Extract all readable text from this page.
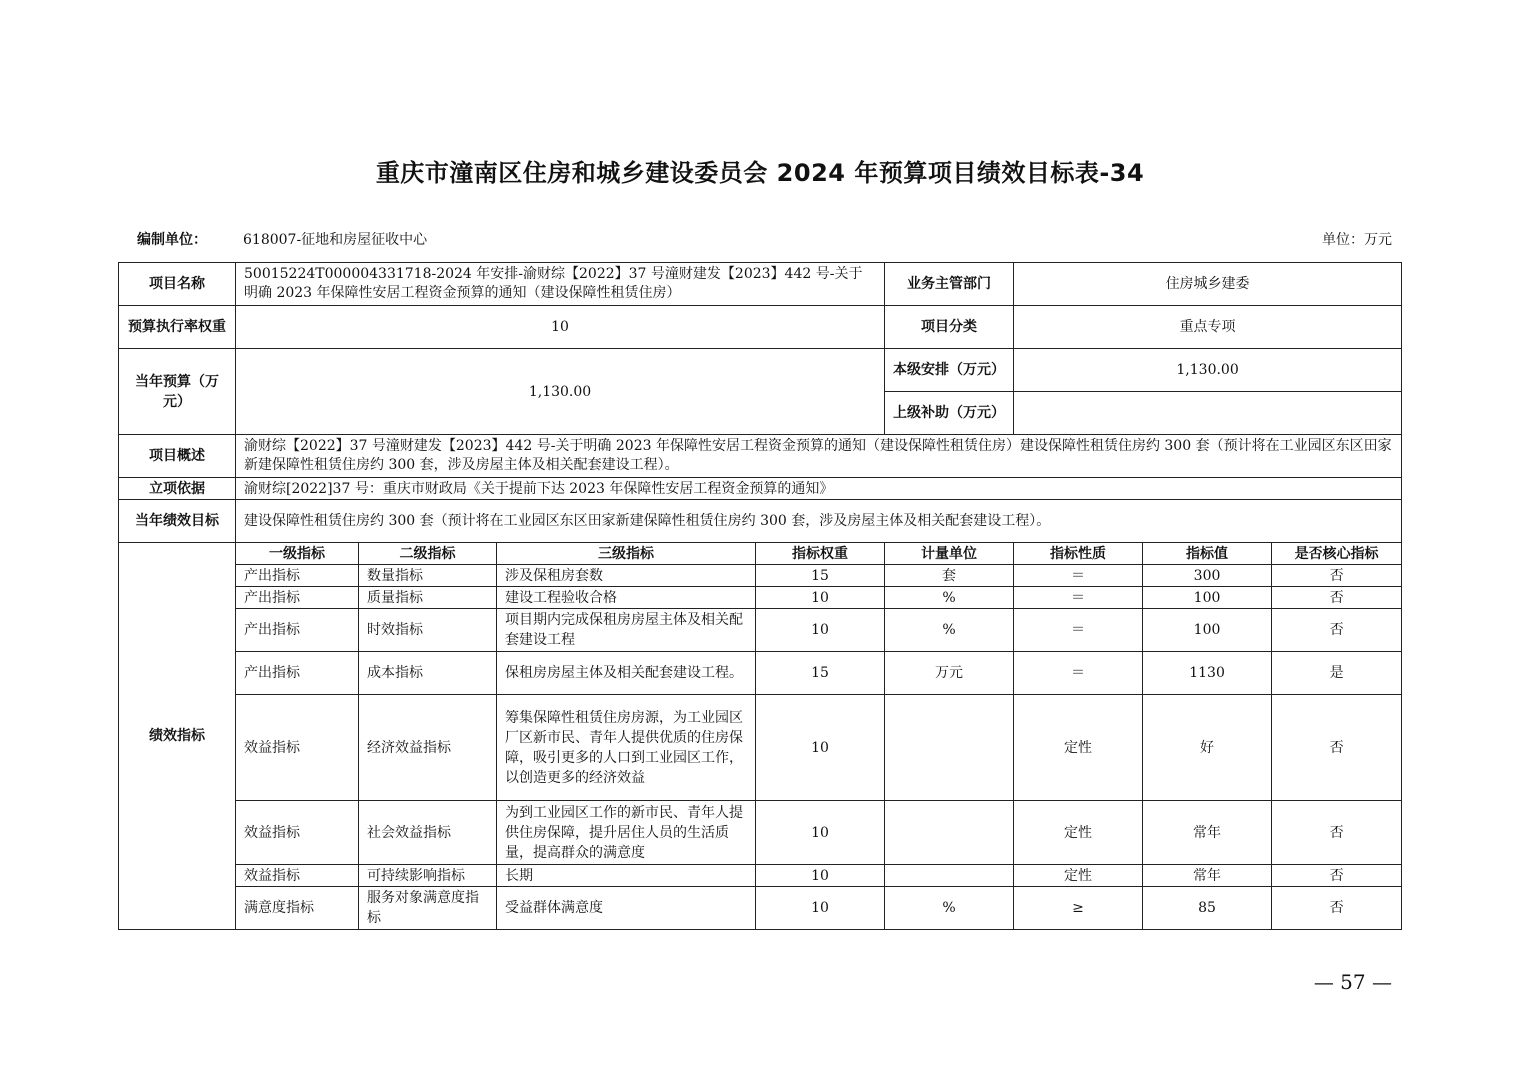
重庆市潼南区住房和城乡建设委员会 2024 年预算项目绩效目标表-34
编制单位：	618007-征地和房屋征收中心	单位：万元
项目名称	50015224T000004331718-2024 年安排-渝财综【2022】37 号潼财建发【2023】442 号-关于明确 2023 年保障性安居工程资金预算的通知（建设保障性租赁住房）				业务主管部门	住房城乡建委		
预算执行率权重	10				项目分类	重点专项		
当年预算（万元）	1,130.00				本级安排（万元）	1,130.00		
					上级补助（万元）			
项目概述	渝财综【2022】37 号潼财建发【2023】442 号-关于明确 2023 年保障性安居工程资金预算的通知（建设保障性租赁住房）建设保障性租赁住房约 300 套（预计将在工业园区东区田家新建保障性租赁住房约 300 套，涉及房屋主体及相关配套建设工程）。							
立项依据	渝财综[2022]37 号：重庆市财政局《关于提前下达 2023 年保障性安居工程资金预算的通知》							
当年绩效目标	建设保障性租赁住房约 300 套（预计将在工业园区东区田家新建保障性租赁住房约 300 套，涉及房屋主体及相关配套建设工程）。							
绩效指标	一级指标	二级指标	三级指标	指标权重	计量单位	指标性质	指标值	是否核心指标
	产出指标	数量指标	涉及保租房套数	15	套	＝	300	否
	产出指标	质量指标	建设工程验收合格	10	%	＝	100	否
	产出指标	时效指标	项目期内完成保租房房屋主体及相关配套建设工程	10	%	＝	100	否
	产出指标	成本指标	保租房房屋主体及相关配套建设工程。	15	万元	＝	1130	是
	效益指标	经济效益指标	筹集保障性租赁住房房源，为工业园区厂区新市民、青年人提供优质的住房保障，吸引更多的人口到工业园区工作，以创造更多的经济效益	10		定性	好	否
	效益指标	社会效益指标	为到工业园区工作的新市民、青年人提供住房保障，提升居住人员的生活质量，提高群众的满意度	10		定性	常年	否
	效益指标	可持续影响指标	长期	10		定性	常年	否
	满意度指标	服务对象满意度指标	受益群体满意度	10	%	≥	85	否
— 57 —
